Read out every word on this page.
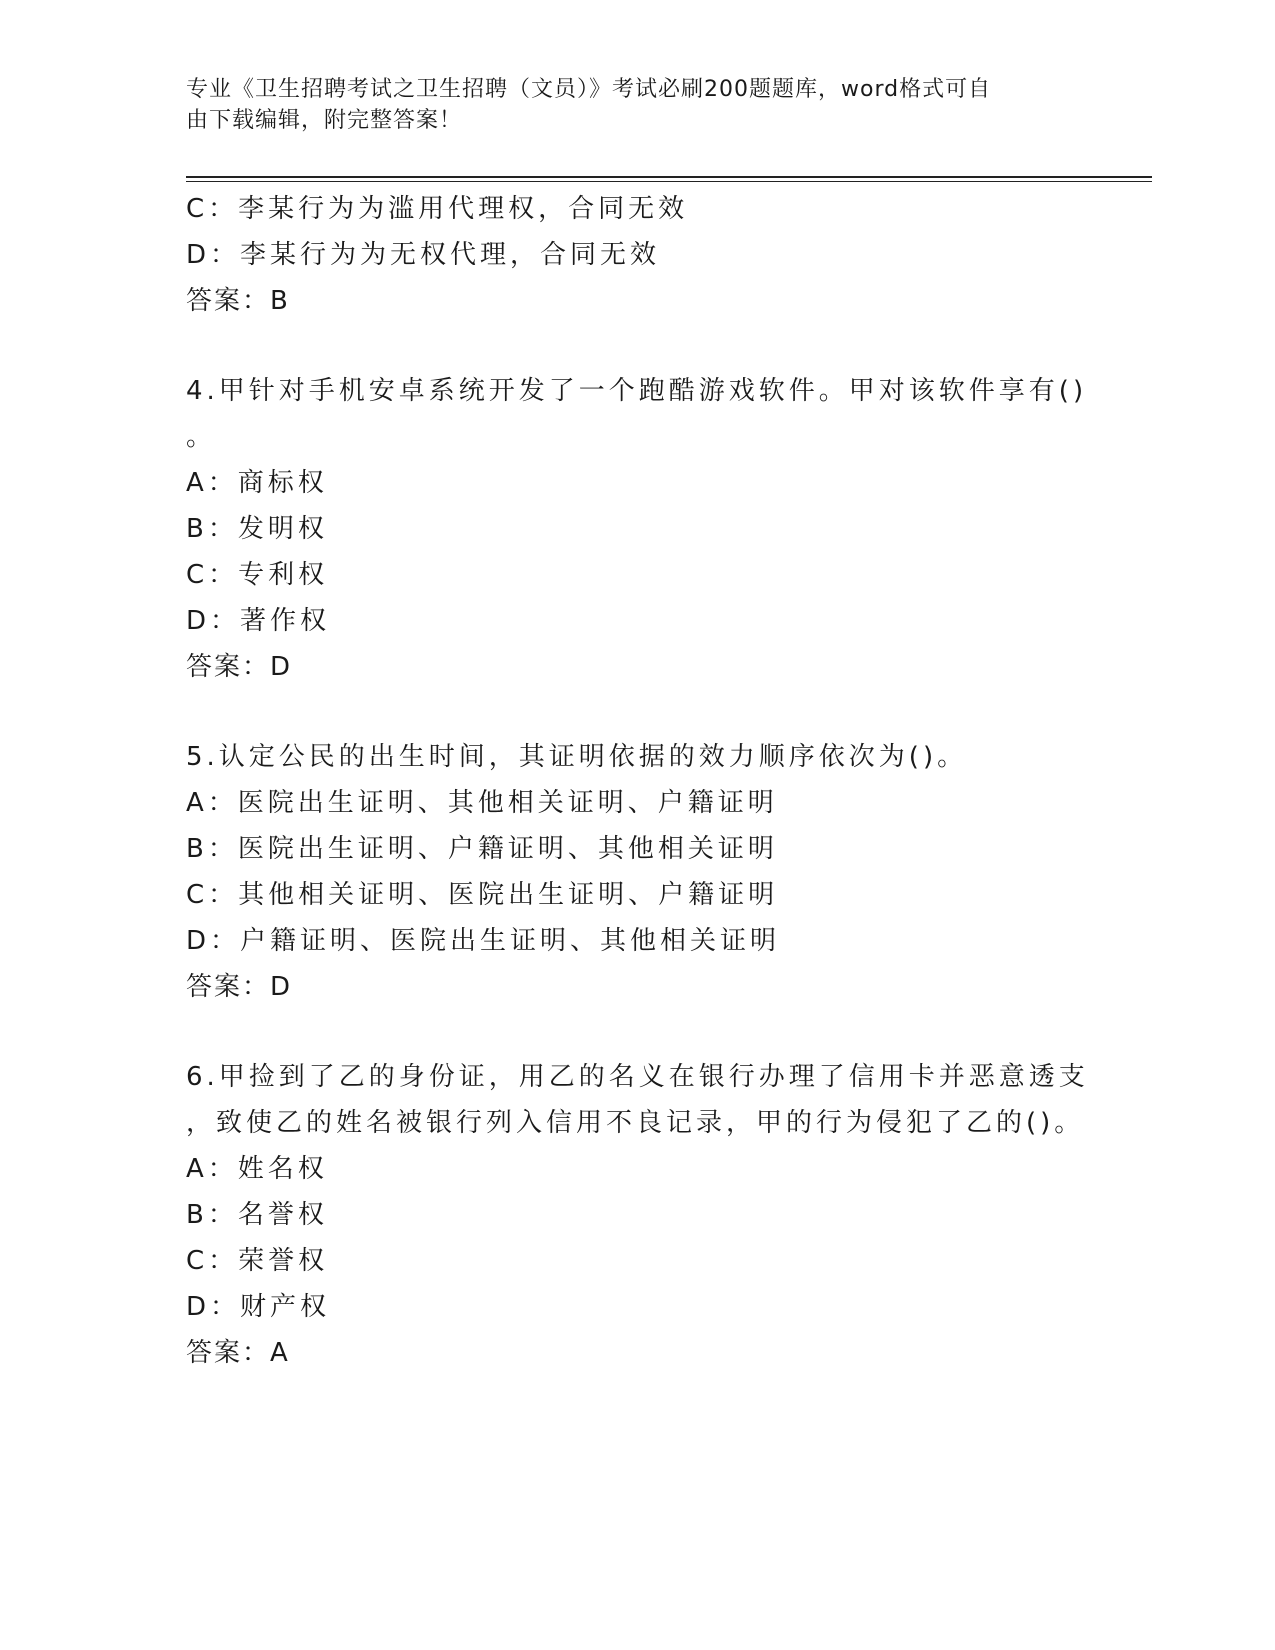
专业《卫生招聘考试之卫生招聘（文员）》考试必刷200题题库，word格式可自
由下载编辑，附完整答案！
C：李某行为为滥用代理权，合同无效
D：李某行为为无权代理，合同无效
答案：B
4.甲针对手机安卓系统开发了一个跑酷游戏软件。甲对该软件享有()
。
A：商标权
B：发明权
C：专利权
D：著作权
答案：D
5.认定公民的出生时间，其证明依据的效力顺序依次为()。
A：医院出生证明、其他相关证明、户籍证明
B：医院出生证明、户籍证明、其他相关证明
C：其他相关证明、医院出生证明、户籍证明
D：户籍证明、医院出生证明、其他相关证明
答案：D
6.甲捡到了乙的身份证，用乙的名义在银行办理了信用卡并恶意透支
，致使乙的姓名被银行列入信用不良记录，甲的行为侵犯了乙的()。
A：姓名权
B：名誉权
C：荣誉权
D：财产权
答案：A
